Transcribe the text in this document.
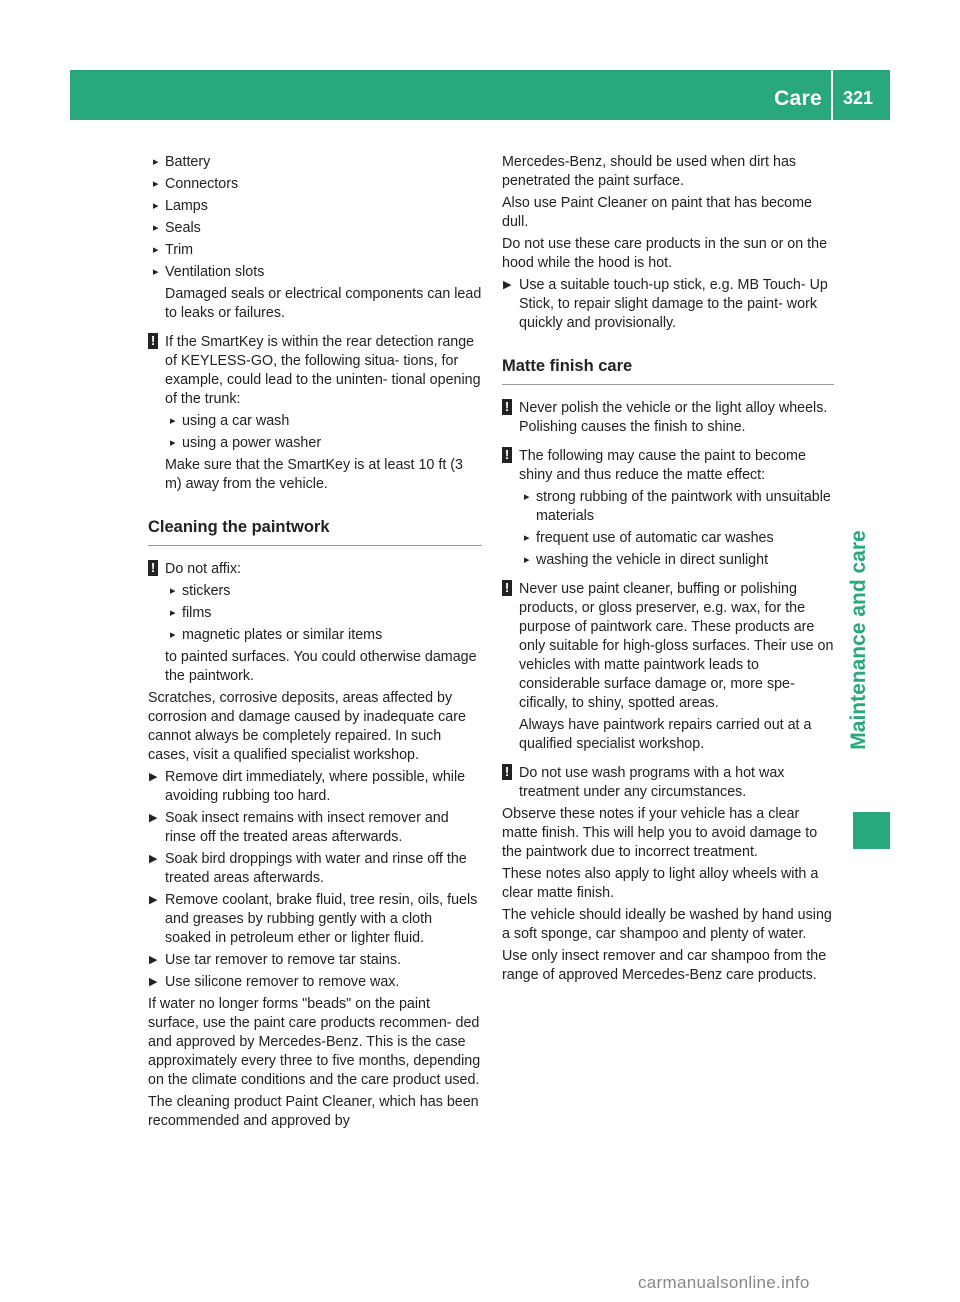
Care 321
Maintenance and care
▸ Battery
▸ Connectors
▸ Lamps
▸ Seals
▸ Trim
▸ Ventilation slots

Damaged seals or electrical components can lead to leaks or failures.

! If the SmartKey is within the rear detection range of KEYLESS-GO, the following situa- tions, for example, could lead to the uninten- tional opening of the trunk:
▸ using a car wash
▸ using a power washer

Make sure that the SmartKey is at least 10 ft (3 m) away from the vehicle.

Cleaning the paintwork
! Do not affix:
▸ stickers
▸ films
▸ magnetic plates or similar items

to painted surfaces. You could otherwise damage the paintwork.

Scratches, corrosive deposits, areas affected by corrosion and damage caused by inadequate care cannot always be completely repaired. In such cases, visit a qualified specialist workshop.

▶ Remove dirt immediately, where possible, while avoiding rubbing too hard.
▶ Soak insect remains with insect remover and rinse off the treated areas afterwards.
▶ Soak bird droppings with water and rinse off the treated areas afterwards.
▶ Remove coolant, brake fluid, tree resin, oils, fuels and greases by rubbing gently with a cloth soaked in petroleum ether or lighter fluid.
▶ Use tar remover to remove tar stains.
▶ Use silicone remover to remove wax.

If water no longer forms "beads" on the paint surface, use the paint care products recommen- ded and approved by Mercedes-Benz. This is the case approximately every three to five months, depending on the climate conditions and the care product used.

The cleaning product Paint Cleaner, which has been recommended and approved by

Mercedes-Benz, should be used when dirt has penetrated the paint surface.

Also use Paint Cleaner on paint that has become dull.

Do not use these care products in the sun or on the hood while the hood is hot.

▶ Use a suitable touch-up stick, e.g. MB Touch- Up Stick, to repair slight damage to the paint- work quickly and provisionally.
Matte finish care
! Never polish the vehicle or the light alloy wheels. Polishing causes the finish to shine.
! The following may cause the paint to become shiny and thus reduce the matte effect:
▸ strong rubbing of the paintwork with unsuitable materials
▸ frequent use of automatic car washes
▸ washing the vehicle in direct sunlight
! Never use paint cleaner, buffing or polishing products, or gloss preserver, e.g. wax, for the purpose of paintwork care. These products are only suitable for high-gloss surfaces. Their use on vehicles with matte paintwork leads to considerable surface damage or, more spe- cifically, to shiny, spotted areas.

Always have paintwork repairs carried out at a qualified specialist workshop.

! Do not use wash programs with a hot wax treatment under any circumstances.

Observe these notes if your vehicle has a clear matte finish. This will help you to avoid damage to the paintwork due to incorrect treatment.

These notes also apply to light alloy wheels with a clear matte finish.

The vehicle should ideally be washed by hand using a soft sponge, car shampoo and plenty of water.

Use only insect remover and car shampoo from the range of approved Mercedes-Benz care products.

carmanualsonline.info
